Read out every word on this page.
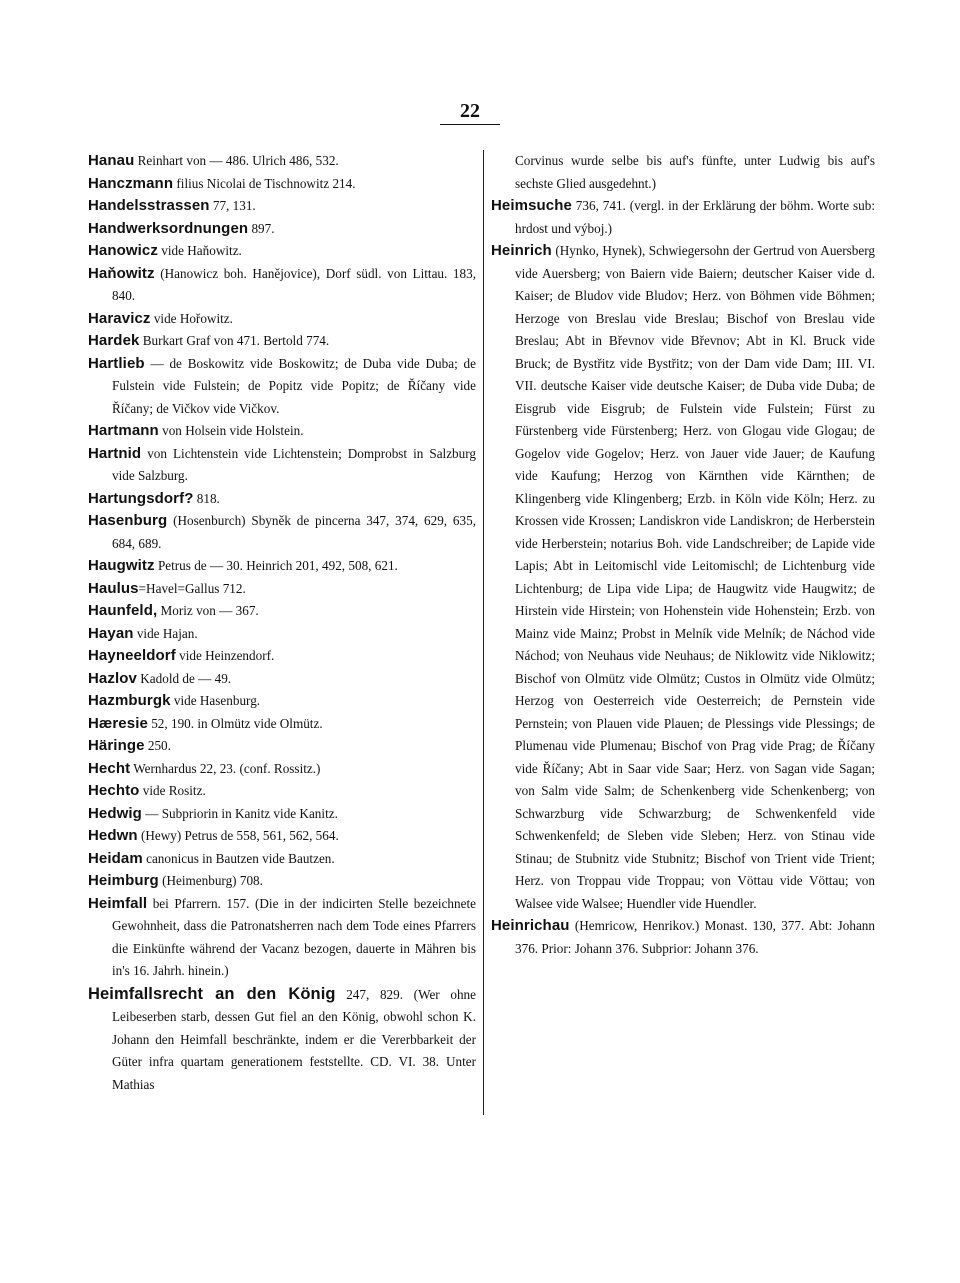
22
Hanau Reinhart von — 486. Ulrich 486, 532.
Hanczmann filius Nicolai de Tischnowitz 214.
Handelsstrassen 77, 131.
Handwerksordnungen 897.
Hanowicz vide Haňowitz.
Haňowitz (Hanowicz boh. Hanějovice), Dorf südl. von Littau. 183, 840.
Haravicz vide Hořowitz.
Hardek Burkart Graf von 471. Bertold 774.
Hartlieb — de Boskowitz vide Boskowitz; de Duba vide Duba; de Fulstein vide Fulstein; de Popitz vide Popitz; de Říčany vide Říčany; de Vičkov vide Vičkov.
Hartmann von Holsein vide Holstein.
Hartnid von Lichtenstein vide Lichtenstein; Domprobst in Salzburg vide Salzburg.
Hartungsdorf? 818.
Hasenburg (Hosenburch) Sbyněk de pincerna 347, 374, 629, 635, 684, 689.
Haugwitz Petrus de — 30. Heinrich 201, 492, 508, 621.
Haulus=Havel=Gallus 712.
Haunfeld, Moriz von — 367.
Hayan vide Hajan.
Hayneeldorf vide Heinzendorf.
Hazlov Kadold de — 49.
Hazmburgk vide Hasenburg.
Hæresie 52, 190. in Olmütz vide Olmütz.
Häringe 250.
Hecht Wernhardus 22, 23. (conf. Rossitz.)
Hechto vide Rositz.
Hedwig — Subpriorin in Kanitz vide Kanitz.
Hedwn (Hewy) Petrus de 558, 561, 562, 564.
Heidam canonicus in Bautzen vide Bautzen.
Heimburg (Heimenburg) 708.
Heimfall bei Pfarrern. 157. (Die in der indicirten Stelle bezeichnete Gewohnheit, dass die Patronatsherren nach dem Tode eines Pfarrers die Einkünfte während der Vacanz bezogen, dauerte in Mähren bis in's 16. Jahrh. hinein.)
Heimfallsrecht an den König 247, 829. (Wer ohne Leibeserben starb, dessen Gut fiel an den König, obwohl schon K. Johann den Heimfall beschränkte, indem er die Vererbbarkeit der Güter infra quartam generationem feststellte. CD. VI. 38. Unter Mathias
Corvinus wurde selbe bis auf's fünfte, unter Ludwig bis auf's sechste Glied ausgedehnt.)
Heimsuche 736, 741. (vergl. in der Erklärung der böhm. Worte sub: hrdost und výboj.)
Heinrich (Hynko, Hynek), Schwiegersohn der Gertrud von Auersberg vide Auersberg; von Baiern vide Baiern; deutscher Kaiser vide d. Kaiser; de Bludov vide Bludov; Herz. von Böhmen vide Böhmen; Herzoge von Breslau vide Breslau; Bischof von Breslau vide Breslau; Abt in Břevnov vide Břevnov; Abt in Kl. Bruck vide Bruck; de Bystřitz vide Bystřitz; von der Dam vide Dam; III. VI. VII. deutsche Kaiser vide deutsche Kaiser; de Duba vide Duba; de Eisgrub vide Eisgrub; de Fulstein vide Fulstein; Fürst zu Fürstenberg vide Fürstenberg; Herz. von Glogau vide Glogau; de Gogelov vide Gogelov; Herz. von Jauer vide Jauer; de Kaufung vide Kaufung; Herzog von Kärnthen vide Kärnthen; de Klingenberg vide Klingenberg; Erzb. in Köln vide Köln; Herz. zu Krossen vide Krossen; Landiskron vide Landiskron; de Herberstein vide Herberstein; notarius Boh. vide Landschreiber; de Lapide vide Lapis; Abt in Leitomischl vide Leitomischl; de Lichtenburg vide Lichtenburg; de Lipa vide Lipa; de Haugwitz vide Haugwitz; de Hirstein vide Hirstein; von Hohenstein vide Hohenstein; Erzb. von Mainz vide Mainz; Probst in Melník vide Melník; de Náchod vide Náchod; von Neuhaus vide Neuhaus; de Niklowitz vide Niklowitz; Bischof von Olmütz vide Olmütz; Custos in Olmütz vide Olmütz; Herzog von Oesterreich vide Oesterreich; de Pernstein vide Pernstein; von Plauen vide Plauen; de Plessings vide Plessings; de Plumenau vide Plumenau; Bischof von Prag vide Prag; de Říčany vide Říčany; Abt in Saar vide Saar; Herz. von Sagan vide Sagan; von Salm vide Salm; de Schenkenberg vide Schenkenberg; von Schwarzburg vide Schwarzburg; de Schwenkenfeld vide Schwenkenfeld; de Sleben vide Sleben; Herz. von Stinau vide Stinau; de Stubnitz vide Stubnitz; Bischof von Trient vide Trient; Herz. von Troppau vide Troppau; von Vöttau vide Vöttau; von Walsee vide Walsee; Huendler vide Huendler.
Heinrichau (Hemricow, Henrikov.) Monast. 130, 377. Abt: Johann 376. Prior: Johann 376. Subprior: Johann 376.
